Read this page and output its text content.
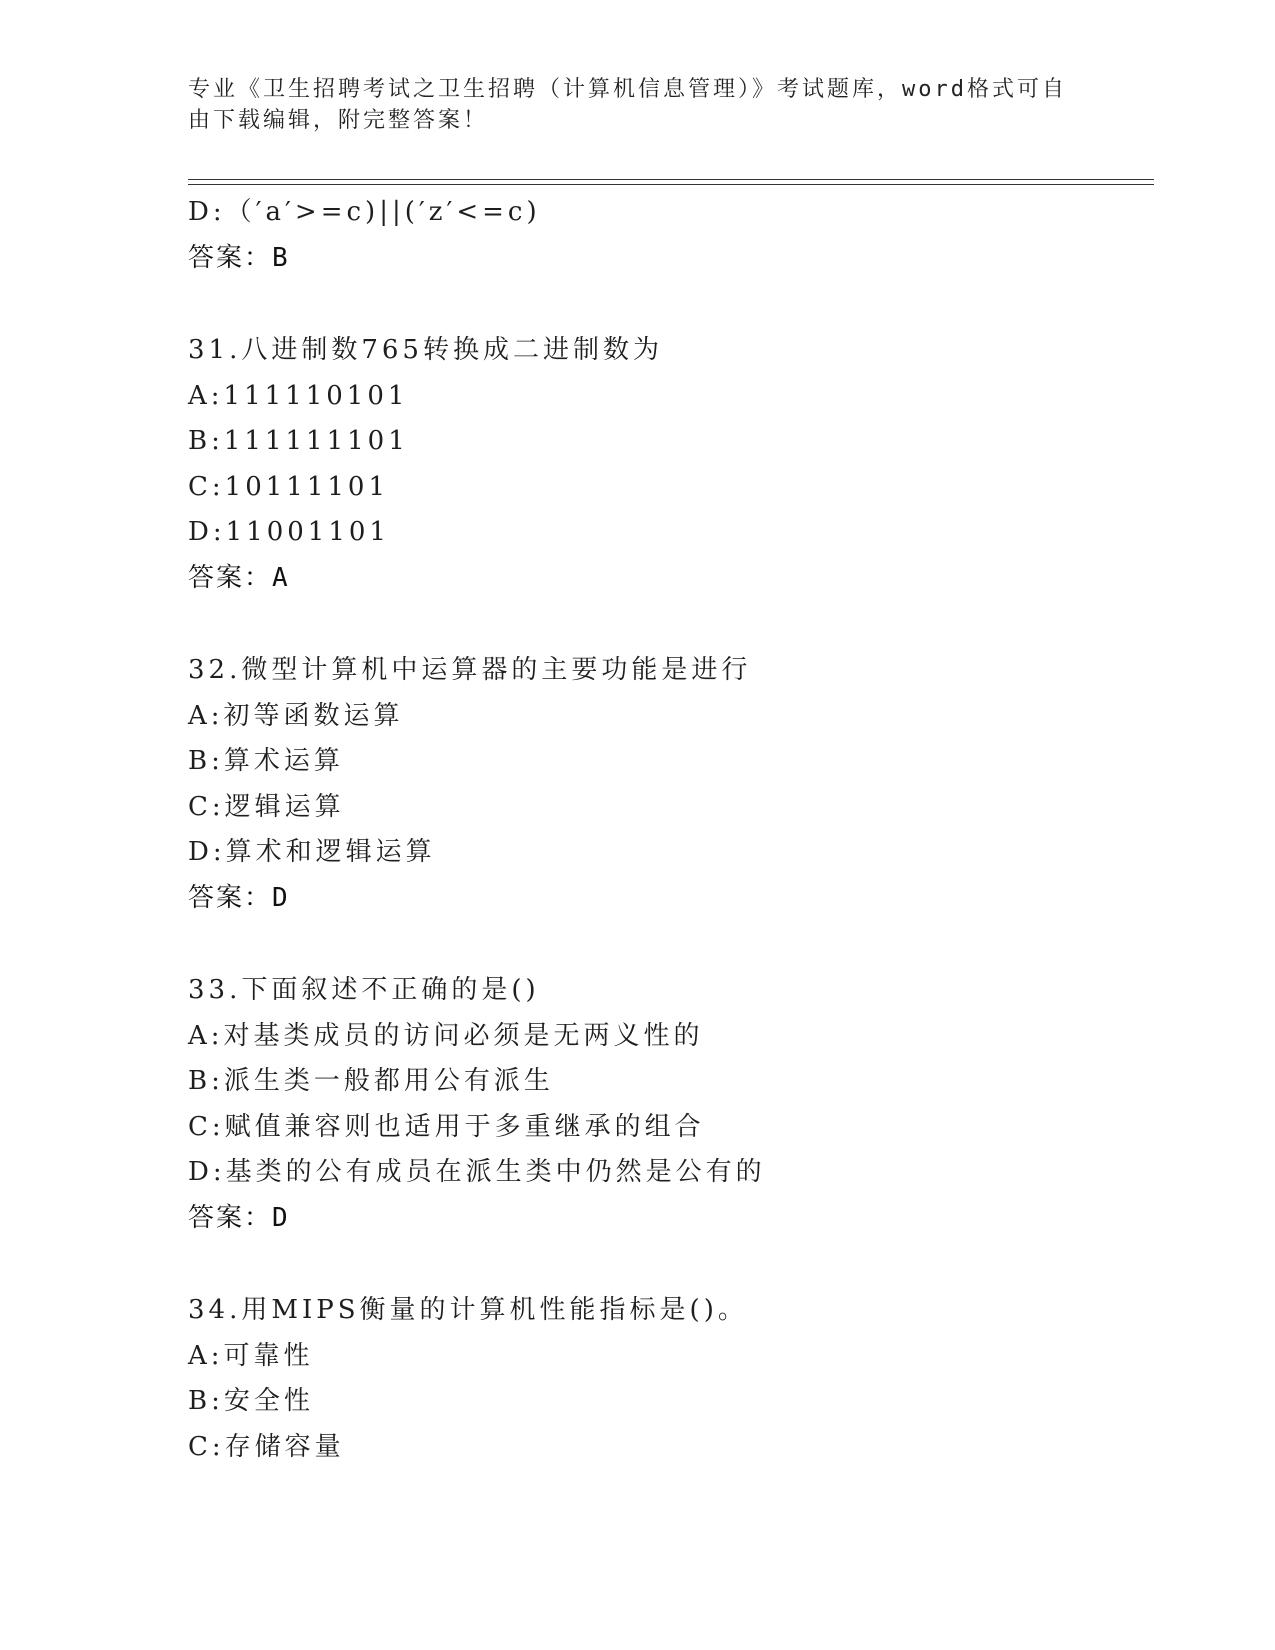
专业《卫生招聘考试之卫生招聘（计算机信息管理）》考试题库，word格式可自
由下载编辑，附完整答案！
D:（′a′>=c)||(′z′<=c)
答案：B
31.八进制数765转换成二进制数为
A:111110101
B:111111101
C:10111101
D:11001101
答案：A
32.微型计算机中运算器的主要功能是进行
A:初等函数运算
B:算术运算
C:逻辑运算
D:算术和逻辑运算
答案：D
33.下面叙述不正确的是()
A:对基类成员的访问必须是无两义性的
B:派生类一般都用公有派生
C:赋值兼容则也适用于多重继承的组合
D:基类的公有成员在派生类中仍然是公有的
答案：D
34.用MIPS衡量的计算机性能指标是()。
A:可靠性
B:安全性
C:存储容量
